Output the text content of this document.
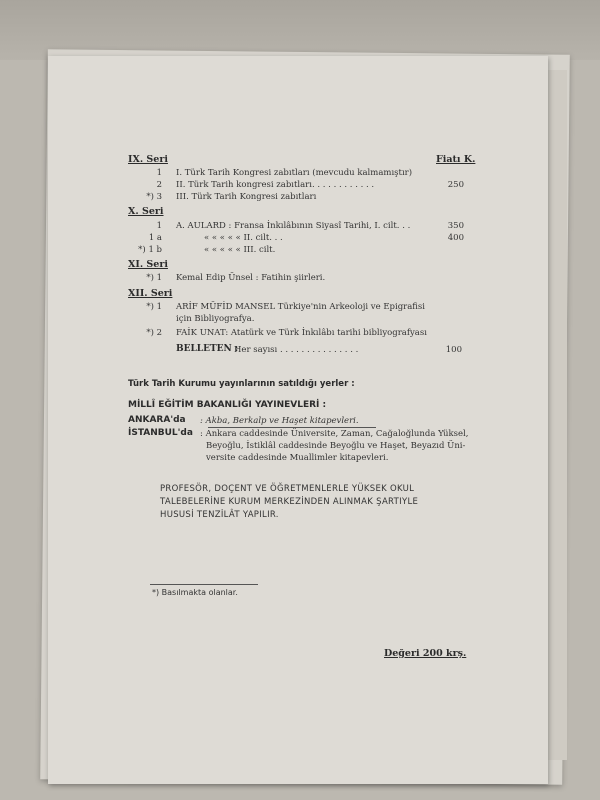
IX. Seri	Fiatı K.
1 I. Türk Tarih Kongresi zabıtları (mevcudu kalmamıştır)
2 II. Türk Tarih kongresi zabıtları. . . . . . . . . . . .	250
*) 3 III. Türk Tarih Kongresi zabıtları
X. Seri
1 A. AULARD : Fransa İnkılâbının Siyasî Tarihi, I. cilt. . .	350
1 a	« « « « « II. cilt. . .	400
*) 1 b	« « « « « III. cilt.
XI. Seri
*) 1 Kemal Edip Ünsel : Fatihin şiirleri.
XII. Seri
*) 1 ARİF MÜFİD MANSEL Türkiye'nin Arkeoloji ve Epigrafisi
için Bibliyografya.
*) 2 FAİK UNAT: Atatürk ve Türk İnkılâbı tarihi bibliyografyası
BELLETEN :
Her sayısı . . . . . . . . . . . . . . .	100
Türk Tarih Kurumu yayınlarının satıldığı yerler :
MİLLÎ EĞİTİM BAKANLIĞI YAYINEVLERİ :
ANKARA'da : Akba, Berkalp ve Haşet kitapevleri.
İSTANBUL'da : Ankara caddesinde Üniversite, Zaman, Cağaloğlunda Yüksel,
Beyoğlu, İstiklâl caddesinde Beyoğlu ve Haşet, Beyazıd Üni-
versite caddesinde Muallimler kitapevleri.
PROFESÖR, DOÇENT VE ÖĞRETMENLERLE YÜKSEK OKUL
TALEBELERİNE KURUM MERKEZİNDEN ALINMAK ŞARTIYLE
HUSUSİ TENZİLÂT YAPILIR.
*) Basılmakta olanlar.
Değeri 200 krş.
